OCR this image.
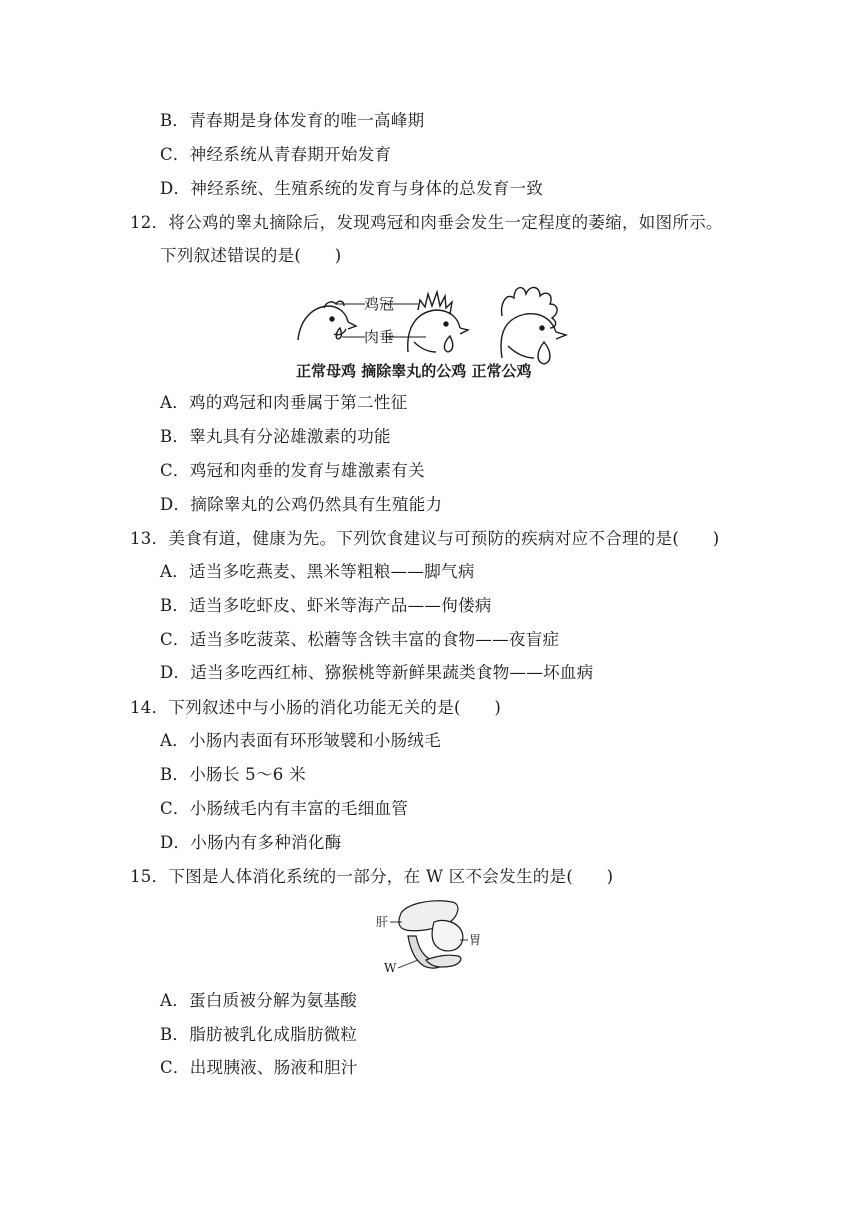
B．青春期是身体发育的唯一高峰期
C．神经系统从青春期开始发育
D．神经系统、生殖系统的发育与身体的总发育一致
12．将公鸡的睾丸摘除后，发现鸡冠和肉垂会发生一定程度的萎缩，如图所示。
下列叙述错误的是(　　)
鸡冠
肉垂
正常母鸡 摘除睾丸的公鸡 正常公鸡
A．鸡的鸡冠和肉垂属于第二性征
B．睾丸具有分泌雄激素的功能
C．鸡冠和肉垂的发育与雄激素有关
D．摘除睾丸的公鸡仍然具有生殖能力
13．美食有道，健康为先。下列饮食建议与可预防的疾病对应不合理的是(　　)
A．适当多吃燕麦、黑米等粗粮——脚气病
B．适当多吃虾皮、虾米等海产品——佝偻病
C．适当多吃菠菜、松蘑等含铁丰富的食物——夜盲症
D．适当多吃西红柿、猕猴桃等新鲜果蔬类食物——坏血病
14．下列叙述中与小肠的消化功能无关的是(　　)
A．小肠内表面有环形皱襞和小肠绒毛
B．小肠长 5～6 米
C．小肠绒毛内有丰富的毛细血管
D．小肠内有多种消化酶
15．下图是人体消化系统的一部分，在 W 区不会发生的是(　　)
肝
胃
W
A．蛋白质被分解为氨基酸
B．脂肪被乳化成脂肪微粒
C．出现胰液、肠液和胆汁
